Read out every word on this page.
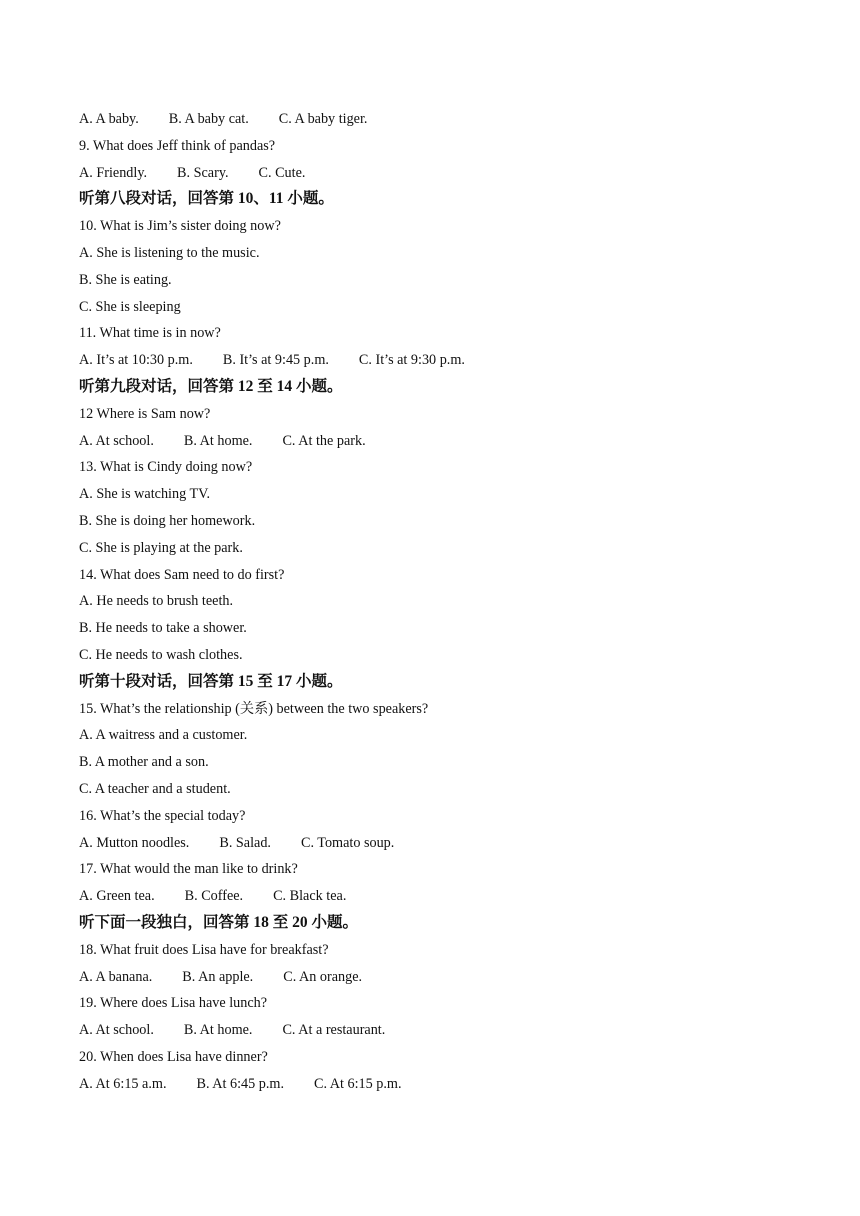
A. A baby. B. A baby cat. C. A baby tiger.
9. What does Jeff think of pandas?
A. Friendly. B. Scary. C. Cute.
听第八段对话，回答第 10、11 小题。
10. What is Jim’s sister doing now?
A. She is listening to the music.
B. She is eating.
C. She is sleeping
11. What time is in now?
A. It’s at 10:30 p.m. B. It’s at 9:45 p.m. C. It’s at 9:30 p.m.
听第九段对话，回答第 12 至 14 小题。
12 Where is Sam now?
A. At school. B. At home. C. At the park.
13. What is Cindy doing now?
A. She is watching TV.
B. She is doing her homework.
C. She is playing at the park.
14. What does Sam need to do first?
A. He needs to brush teeth.
B. He needs to take a shower.
C. He needs to wash clothes.
听第十段对话，回答第 15 至 17 小题。
15. What’s the relationship (关系) between the two speakers?
A. A waitress and a customer.
B. A mother and a son.
C. A teacher and a student.
16. What’s the special today?
A. Mutton noodles. B. Salad. C. Tomato soup.
17. What would the man like to drink?
A. Green tea. B. Coffee. C. Black tea.
听下面一段独白，回答第 18 至 20 小题。
18. What fruit does Lisa have for breakfast?
A. A banana. B. An apple. C. An orange.
19. Where does Lisa have lunch?
A. At school. B. At home. C. At a restaurant.
20. When does Lisa have dinner?
A. At 6:15 a.m. B. At 6:45 p.m. C. At 6:15 p.m.
